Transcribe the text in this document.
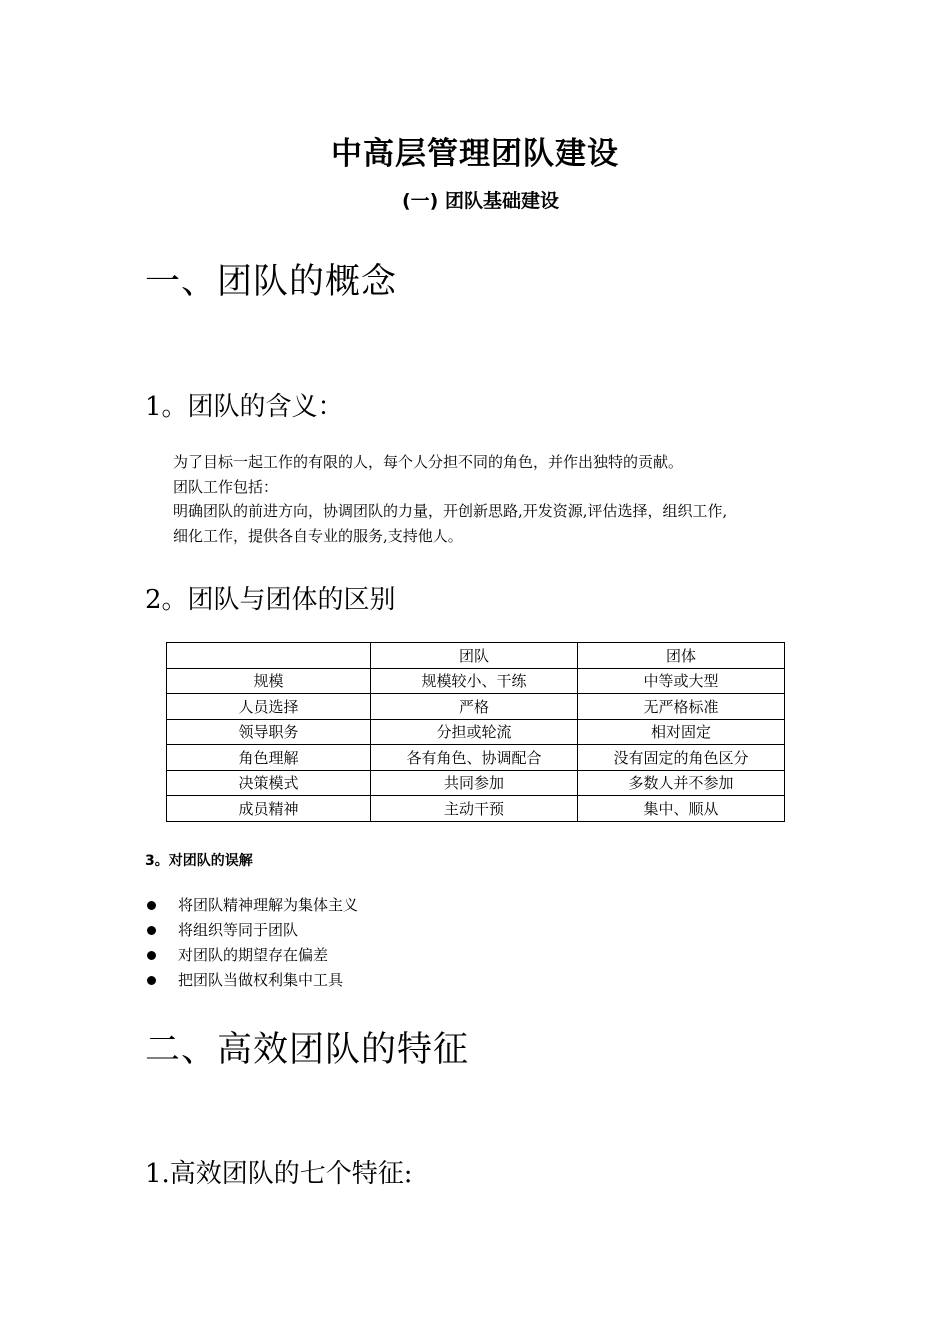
中高层管理团队建设
(一) 团队基础建设
一、团队的概念
1。团队的含义：

为了目标一起工作的有限的人，每个人分担不同的角色，并作出独特的贡献。

团队工作包括：

明确团队的前进方向，协调团队的力量，开创新思路,开发资源,评估选择，组织工作,

细化工作，提供各自专业的服务,支持他人。

2。团队与团体的区别
	团队	团体
规模	规模较小、干练	中等或大型
人员选择	严格	无严格标准
领导职务	分担或轮流	相对固定
角色理解	各有角色、协调配合	没有固定的角色区分
决策模式	共同参加	多数人并不参加
成员精神	主动干预	集中、顺从
3。对团队的误解
将团队精神理解为集体主义
将组织等同于团队
对团队的期望存在偏差
把团队当做权利集中工具
二、高效团队的特征
1.高效团队的七个特征:
